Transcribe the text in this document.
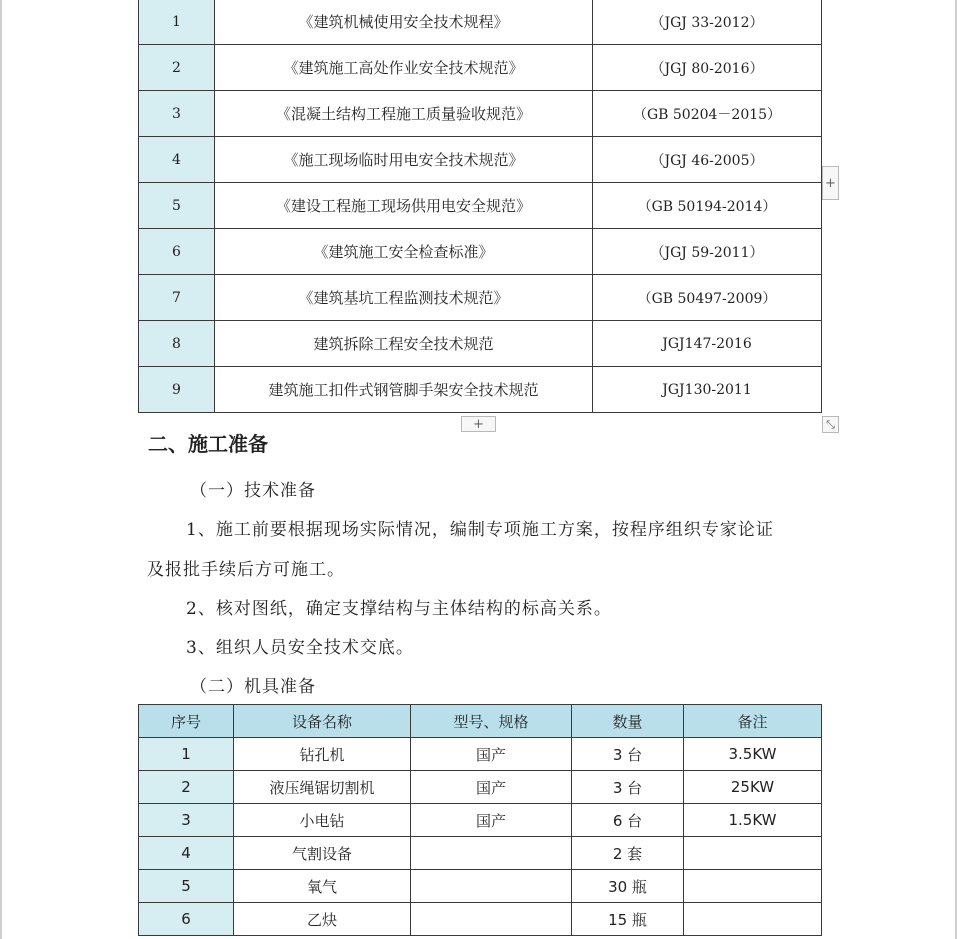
1	《建筑机械使用安全技术规程》	（JGJ 33-2012）
2	《建筑施工高处作业安全技术规范》	（JGJ 80-2016）
3	《混凝土结构工程施工质量验收规范》	（GB 50204－2015）
4	《施工现场临时用电安全技术规范》	（JGJ 46-2005）
5	《建设工程施工现场供用电安全规范》	（GB 50194-2014）
6	《建筑施工安全检查标准》	（JGJ 59-2011）
7	《建筑基坑工程监测技术规范》	（GB 50497-2009）
8	建筑拆除工程安全技术规范	JGJ147-2016
9	建筑施工扣件式钢管脚手架安全技术规范	JGJ130-2011
+
+	⤡
二、施工准备
（一）技术准备
1、施工前要根据现场实际情况，编制专项施工方案，按程序组织专家论证
及报批手续后方可施工。
2、核对图纸，确定支撑结构与主体结构的标高关系。
3、组织人员安全技术交底。
（二）机具准备
序号	设备名称	型号、规格	数量	备注
1	钻孔机	国产	3 台	3.5KW
2	液压绳锯切割机	国产	3 台	25KW
3	小电钻	国产	6 台	1.5KW
4	气割设备		2 套	
5	氧气		30 瓶	
6	乙炔		15 瓶	
